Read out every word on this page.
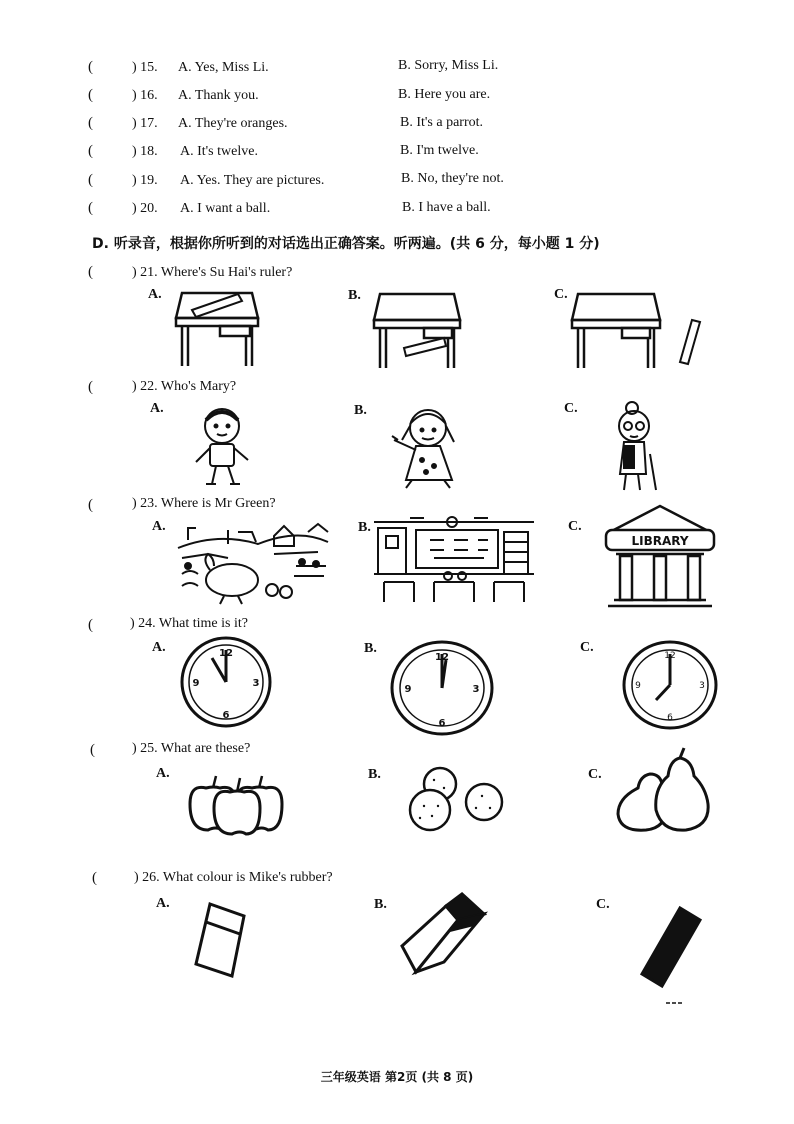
(	) 15. A. Yes, Miss Li.	B. Sorry, Miss Li.
(	) 16. A. Thank you.	B. Here you are.
(	) 17. A. They're oranges.	B. It's a parrot.
(	) 18. A. It's twelve.	B. I'm twelve.
(	) 19. A. Yes. They are pictures.	B. No, they're not.
(	) 20. A. I want a ball.	B. I have a ball.
D. 听录音，根据你所听到的对话选出正确答案。听两遍。(共 6 分，每小题 1 分)
(	) 21. Where's Su Hai's ruler?
A.	B.	C.
(	) 22. Who's Mary?
A.	B.	C.
(	) 23. Where is Mr Green?
A.	B.	C.
LIBRARY
(	) 24. What time is it?
A.	B.	C.
12
3
6
9
12
3
6
9
12
3
6
9
(	) 25. What are these?
A.	B.	C.
(	) 26. What colour is Mike's rubber?
A.	B.	C.
三年级英语 第2页 (共 8 页)
